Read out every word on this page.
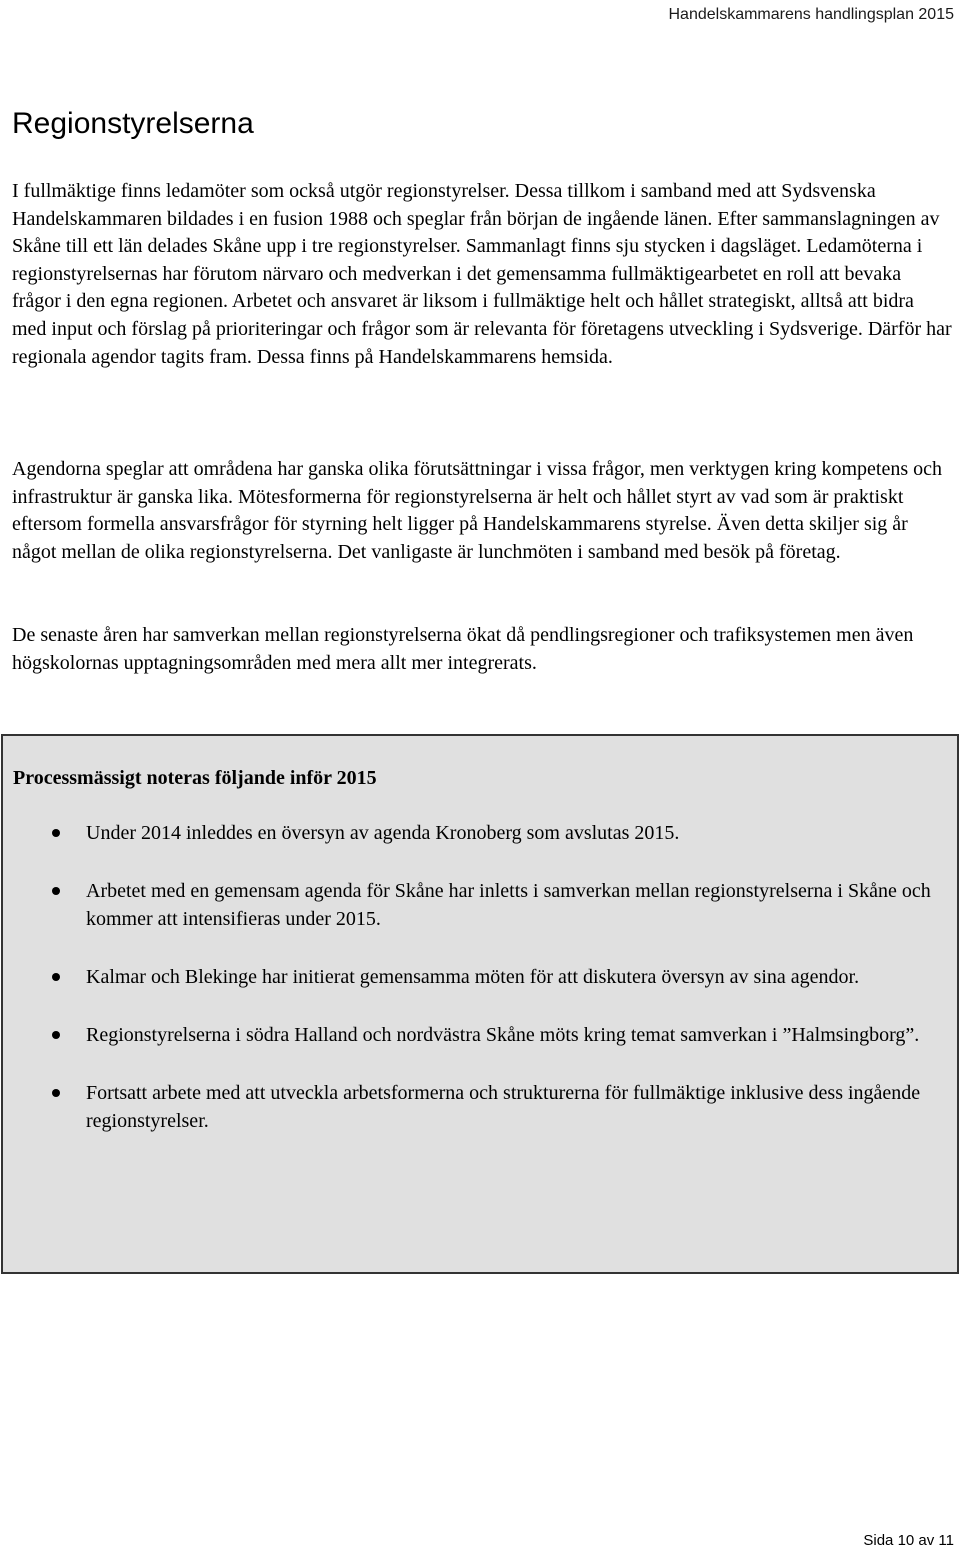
Handelskammarens handlingsplan 2015
Regionstyrelserna

I fullmäktige finns ledamöter som också utgör regionstyrelser. Dessa tillkom i samband med att Sydsvenska Handelskammaren bildades i en fusion 1988 och speglar från början de ingående länen. Efter sammanslagningen av Skåne till ett län delades Skåne upp i tre regionstyrelser. Sammanlagt finns sju stycken i dagsläget. Ledamöterna i regionstyrelsernas har förutom närvaro och medverkan i det gemensamma fullmäktigearbetet en roll att bevaka frågor i den egna regionen. Arbetet och ansvaret är liksom i fullmäktige helt och hållet strategiskt, alltså att bidra med input och förslag på prioriteringar och frågor som är relevanta för företagens utveckling i Sydsverige. Därför har regionala agendor tagits fram. Dessa finns på Handelskammarens hemsida.

Agendorna speglar att områdena har ganska olika förutsättningar i vissa frågor, men verktygen kring kompetens och infrastruktur är ganska lika. Mötesformerna för regionstyrelserna är helt och hållet styrt av vad som är praktiskt eftersom formella ansvarsfrågor för styrning helt ligger på Handelskammarens styrelse. Även detta skiljer sig år något mellan de olika regionstyrelserna. Det vanligaste är lunchmöten i samband med besök på företag.

De senaste åren har samverkan mellan regionstyrelserna ökat då pendlingsregioner och trafiksystemen men även högskolornas upptagningsområden med mera allt mer integrerats.

Processmässigt noteras följande inför 2015
Under 2014 inleddes en översyn av agenda Kronoberg som avslutas 2015.
Arbetet med en gemensam agenda för Skåne har inletts i samverkan mellan regionstyrelserna i Skåne och kommer att intensifieras under 2015.
Kalmar och Blekinge har initierat gemensamma möten för att diskutera översyn av sina agendor.
Regionstyrelserna i södra Halland och nordvästra Skåne möts kring temat samverkan i ”Halmsingborg”.
Fortsatt arbete med att utveckla arbetsformerna och strukturerna för fullmäktige inklusive dess ingående regionstyrelser.
Sida 10 av 11
